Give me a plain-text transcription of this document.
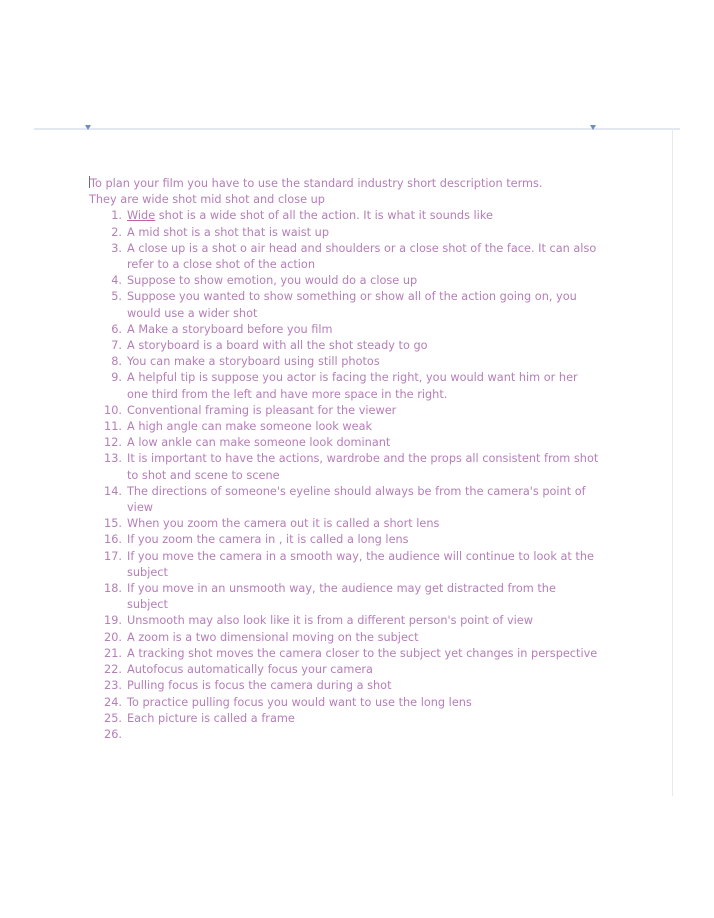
To plan your film you have to use the standard industry short description terms.
They are wide shot mid shot and close up
1. Wide shot is a wide shot of all the action. It is what it sounds like
2. A mid shot is a shot that is waist up
3. A close up is a shot o air head and shoulders or a close shot of the face. It can also refer to a close shot of the action
4. Suppose to show emotion, you would do a close up
5. Suppose you wanted to show something or show all of the action going on, you would use a wider shot
6. A Make a storyboard before you film
7. A storyboard is a board with all the shot steady to go
8. You can make a storyboard using still photos
9. A helpful tip is suppose you actor is facing the right, you would want him or her one third from the left and have more space in the right.
10. Conventional framing is pleasant for the viewer
11. A high angle can make someone look weak
12. A low ankle can make someone look dominant
13. It is important to have the actions, wardrobe and the props all consistent from shot to shot and scene to scene
14. The directions of someone's eyeline should always be from the camera's point of view
15. When you zoom the camera out it is called a short lens
16. If you zoom the camera in , it is called a long lens
17. If you move the camera in a smooth way, the audience will continue to look at the subject
18. If you move in an unsmooth way, the audience may get distracted from the subject
19. Unsmooth may also look like it is from a different person's point of view
20. A zoom is a two dimensional moving on the subject
21. A tracking shot moves the camera closer to the subject yet changes in perspective
22. Autofocus automatically focus your camera
23. Pulling focus is focus the camera during a shot
24. To practice pulling focus you would want to use the long lens
25. Each picture is called a frame
26.
